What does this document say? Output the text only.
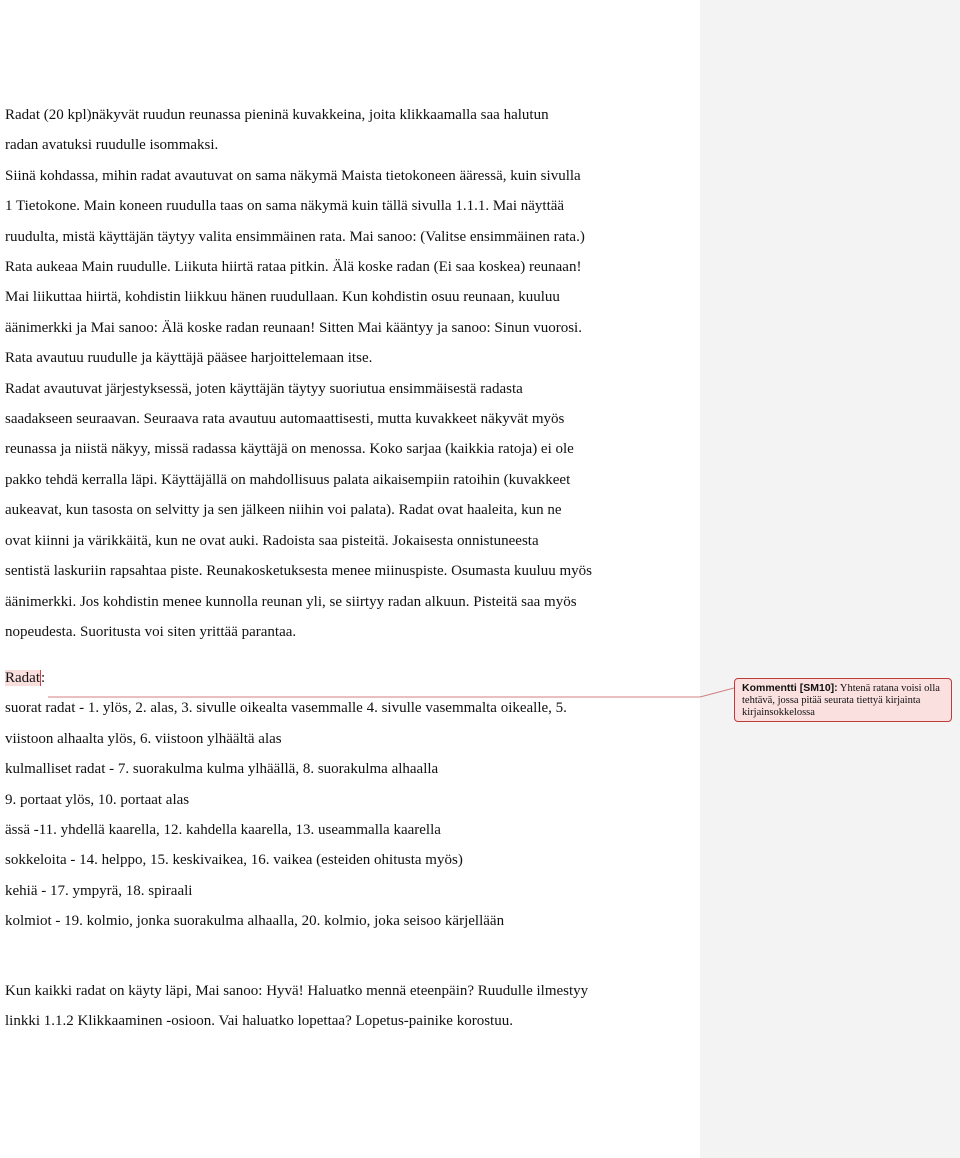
Radat (20 kpl)näkyvät ruudun reunassa pieninä kuvakkeina, joita klikkaamalla saa halutun
radan avatuksi ruudulle isommaksi.
Siinä kohdassa, mihin radat avautuvat on sama näkymä Maista tietokoneen ääressä, kuin sivulla
1 Tietokone. Main koneen ruudulla taas on sama näkymä kuin tällä sivulla 1.1.1. Mai näyttää
ruudulta, mistä käyttäjän täytyy valita ensimmäinen rata. Mai sanoo: (Valitse ensimmäinen rata.)
Rata aukeaa Main ruudulle. Liikuta hiirtä rataa pitkin. Älä koske radan (Ei saa koskea) reunaan!
Mai liikuttaa hiirtä, kohdistin liikkuu hänen ruudullaan. Kun kohdistin osuu reunaan, kuuluu
äänimerkki ja Mai sanoo: Älä koske radan reunaan! Sitten Mai kääntyy ja sanoo: Sinun vuorosi.
Rata avautuu ruudulle ja käyttäjä pääsee harjoittelemaan itse.
Radat avautuvat järjestyksessä, joten käyttäjän täytyy suoriutua ensimmäisestä radasta
saadakseen seuraavan. Seuraava rata avautuu automaattisesti, mutta kuvakkeet näkyvät myös
reunassa ja niistä näkyy, missä radassa käyttäjä on menossa. Koko sarjaa (kaikkia ratoja) ei ole
pakko tehdä kerralla läpi. Käyttäjällä on mahdollisuus palata aikaisempiin ratoihin (kuvakkeet
aukeavat, kun tasosta on selvitty ja sen jälkeen niihin voi palata). Radat ovat haaleita, kun ne
ovat kiinni ja värikkäitä, kun ne ovat auki. Radoista saa pisteitä. Jokaisesta onnistuneesta
sentistä laskuriin rapsahtaa piste. Reunakosketuksesta menee miinuspiste. Osumasta kuuluu myös
äänimerkki. Jos kohdistin menee kunnolla reunan yli, se siirtyy radan alkuun. Pisteitä saa myös
nopeudesta. Suoritusta voi siten yrittää parantaa.
Radat:
suorat radat - 1. ylös, 2. alas, 3. sivulle oikealta vasemmalle 4. sivulle vasemmalta oikealle, 5.
viistoon alhaalta ylös, 6. viistoon ylhäältä alas
kulmalliset radat - 7. suorakulma kulma ylhäällä, 8. suorakulma alhaalla
9. portaat ylös, 10. portaat alas
ässä -11. yhdellä kaarella, 12. kahdella kaarella, 13. useammalla kaarella
sokkeloita - 14. helppo, 15. keskivaikea, 16. vaikea (esteiden ohitusta myös)
kehiä - 17. ympyrä, 18. spiraali
kolmiot - 19. kolmio, jonka suorakulma alhaalla, 20. kolmio, joka seisoo kärjellään
Kun kaikki radat on käyty läpi, Mai sanoo: Hyvä! Haluatko mennä eteenpäin? Ruudulle ilmestyy
linkki 1.1.2 Klikkaaminen -osioon. Vai haluatko lopettaa? Lopetus-painike korostuu.
Kommentti [SM10]: Yhtenä ratana voisi olla tehtävä, jossa pitää seurata tiettyä kirjainta kirjainsokkelossa
